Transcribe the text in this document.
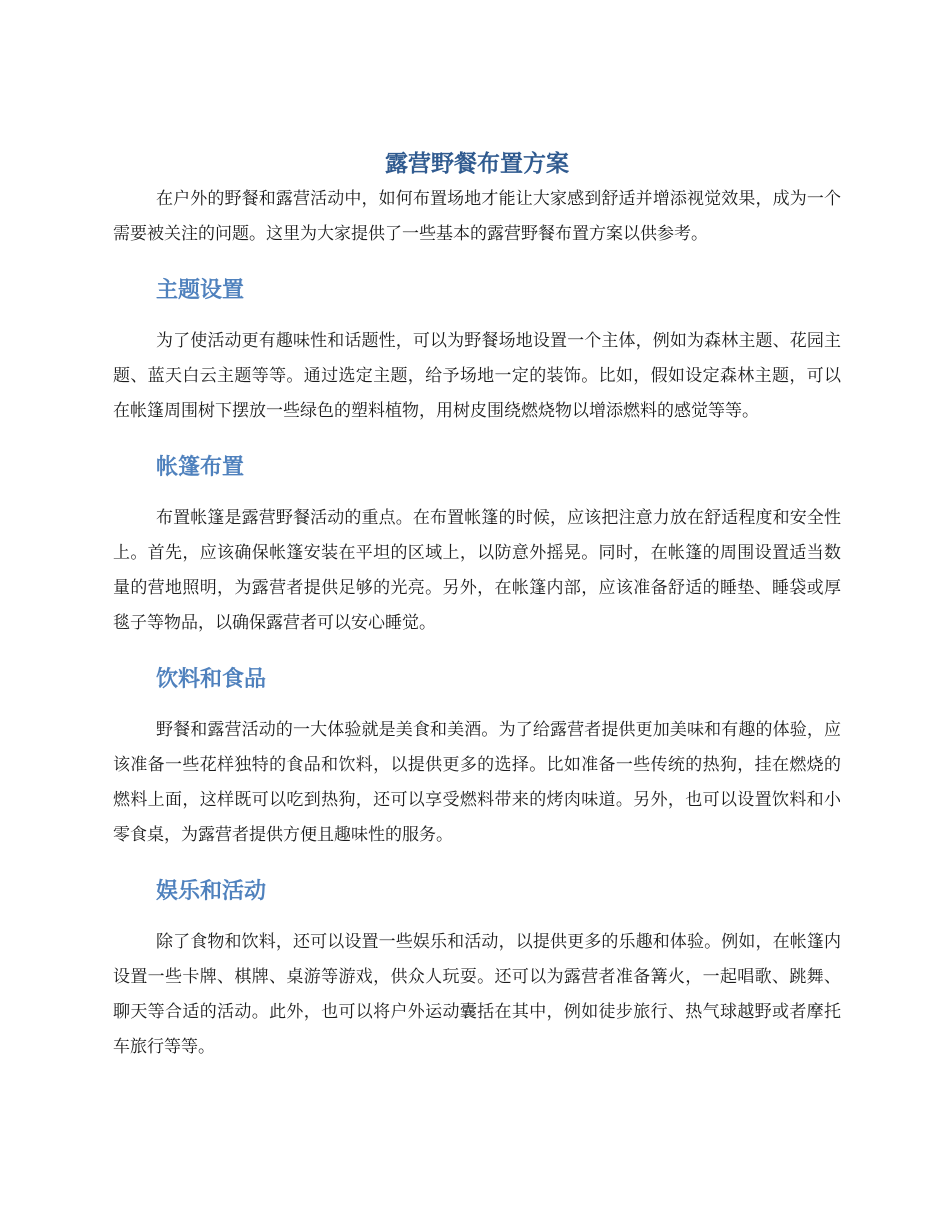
露营野餐布置方案

在户外的野餐和露营活动中，如何布置场地才能让大家感到舒适并增添视觉效果，成为一个需要被关注的问题。这里为大家提供了一些基本的露营野餐布置方案以供参考。

主题设置

为了使活动更有趣味性和话题性，可以为野餐场地设置一个主体，例如为森林主题、花园主题、蓝天白云主题等等。通过选定主题，给予场地一定的装饰。比如，假如设定森林主题，可以在帐篷周围树下摆放一些绿色的塑料植物，用树皮围绕燃烧物以增添燃料的感觉等等。

帐篷布置

布置帐篷是露营野餐活动的重点。在布置帐篷的时候，应该把注意力放在舒适程度和安全性上。首先，应该确保帐篷安装在平坦的区域上，以防意外摇晃。同时，在帐篷的周围设置适当数量的营地照明，为露营者提供足够的光亮。另外，在帐篷内部，应该准备舒适的睡垫、睡袋或厚毯子等物品，以确保露营者可以安心睡觉。

饮料和食品

野餐和露营活动的一大体验就是美食和美酒。为了给露营者提供更加美味和有趣的体验，应该准备一些花样独特的食品和饮料，以提供更多的选择。比如准备一些传统的热狗，挂在燃烧的燃料上面，这样既可以吃到热狗，还可以享受燃料带来的烤肉味道。另外，也可以设置饮料和小零食桌，为露营者提供方便且趣味性的服务。

娱乐和活动

除了食物和饮料，还可以设置一些娱乐和活动，以提供更多的乐趣和体验。例如，在帐篷内设置一些卡牌、棋牌、桌游等游戏，供众人玩耍。还可以为露营者准备篝火，一起唱歌、跳舞、聊天等合适的活动。此外，也可以将户外运动囊括在其中，例如徒步旅行、热气球越野或者摩托车旅行等等。
